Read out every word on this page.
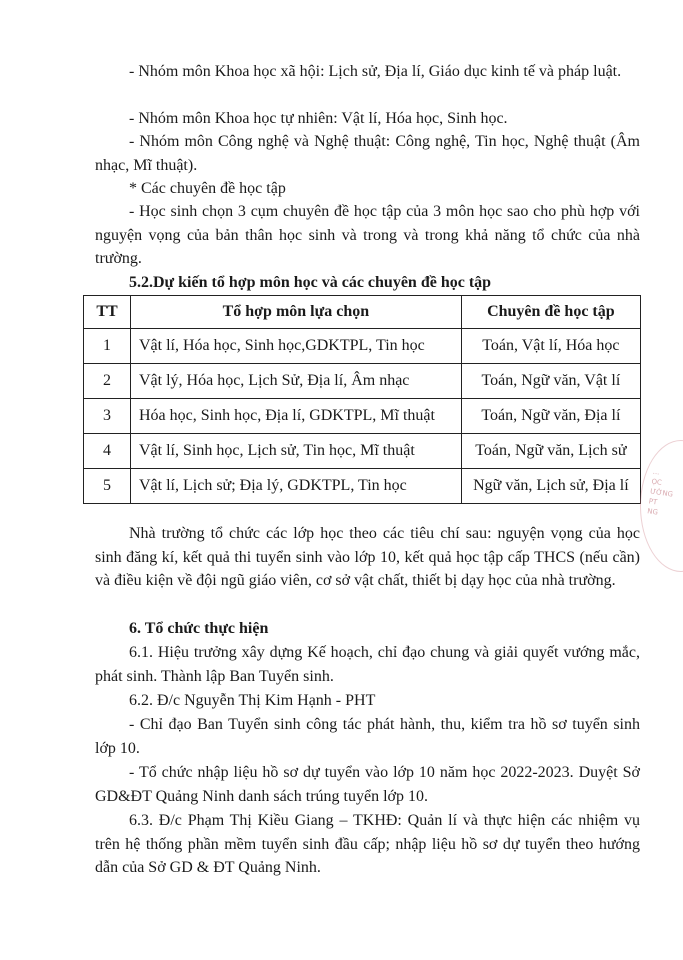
- Nhóm môn Khoa học xã hội: Lịch sử, Địa lí, Giáo dục kinh tế và pháp luật.

- Nhóm môn Khoa học tự nhiên: Vật lí, Hóa học, Sinh học.

- Nhóm môn Công nghệ và Nghệ thuật: Công nghệ, Tin học, Nghệ thuật (Âm nhạc, Mĩ thuật).

* Các chuyên đề học tập

- Học sinh chọn 3 cụm chuyên đề học tập của 3 môn học sao cho phù hợp với nguyện vọng của bản thân học sinh và trong và trong khả năng tổ chức của nhà trường.

5.2.Dự kiến tổ hợp môn học và các chuyên đề học tập

TT	Tổ hợp môn lựa chọn	Chuyên đề học tập
1	Vật lí, Hóa học, Sinh học,GDKTPL, Tin học	Toán, Vật lí, Hóa học
2	Vật lý, Hóa học, Lịch Sử, Địa lí, Âm nhạc	Toán, Ngữ văn, Vật lí
3	Hóa học, Sinh học, Địa lí, GDKTPL, Mĩ thuật	Toán, Ngữ văn, Địa lí
4	Vật lí, Sinh học, Lịch sử, Tin học, Mĩ thuật	Toán, Ngữ văn, Lịch sử
5	Vật lí, Lịch sử; Địa lý, GDKTPL, Tin học	Ngữ văn, Lịch sử, Địa lí

Nhà trường tổ chức các lớp học theo các tiêu chí sau: nguyện vọng của học sinh đăng kí, kết quả thi tuyển sinh vào lớp 10, kết quả học tập cấp THCS (nếu cần) và điều kiện về đội ngũ giáo viên, cơ sở vật chất, thiết bị dạy học của nhà trường.

6. Tổ chức thực hiện

6.1. Hiệu trưởng xây dựng Kế hoạch, chỉ đạo chung và giải quyết vướng mắc, phát sinh. Thành lập Ban Tuyển sinh.

6.2. Đ/c Nguyễn Thị Kim Hạnh - PHT

- Chỉ đạo Ban Tuyển sinh công tác phát hành, thu, kiểm tra hồ sơ tuyển sinh lớp 10.

- Tổ chức nhập liệu hồ sơ dự tuyển vào lớp 10 năm học 2022-2023. Duyệt Sở GD&ĐT Quảng Ninh danh sách trúng tuyển lớp 10.

6.3. Đ/c Phạm Thị Kiều Giang – TKHĐ: Quản lí và thực hiện các nhiệm vụ trên hệ thống phần mềm tuyển sinh đầu cấp; nhập liệu hồ sơ dự tuyển theo hướng dẫn của Sở GD & ĐT Quảng Ninh.

...
ỌC
ƯỜNG
PT
NG
